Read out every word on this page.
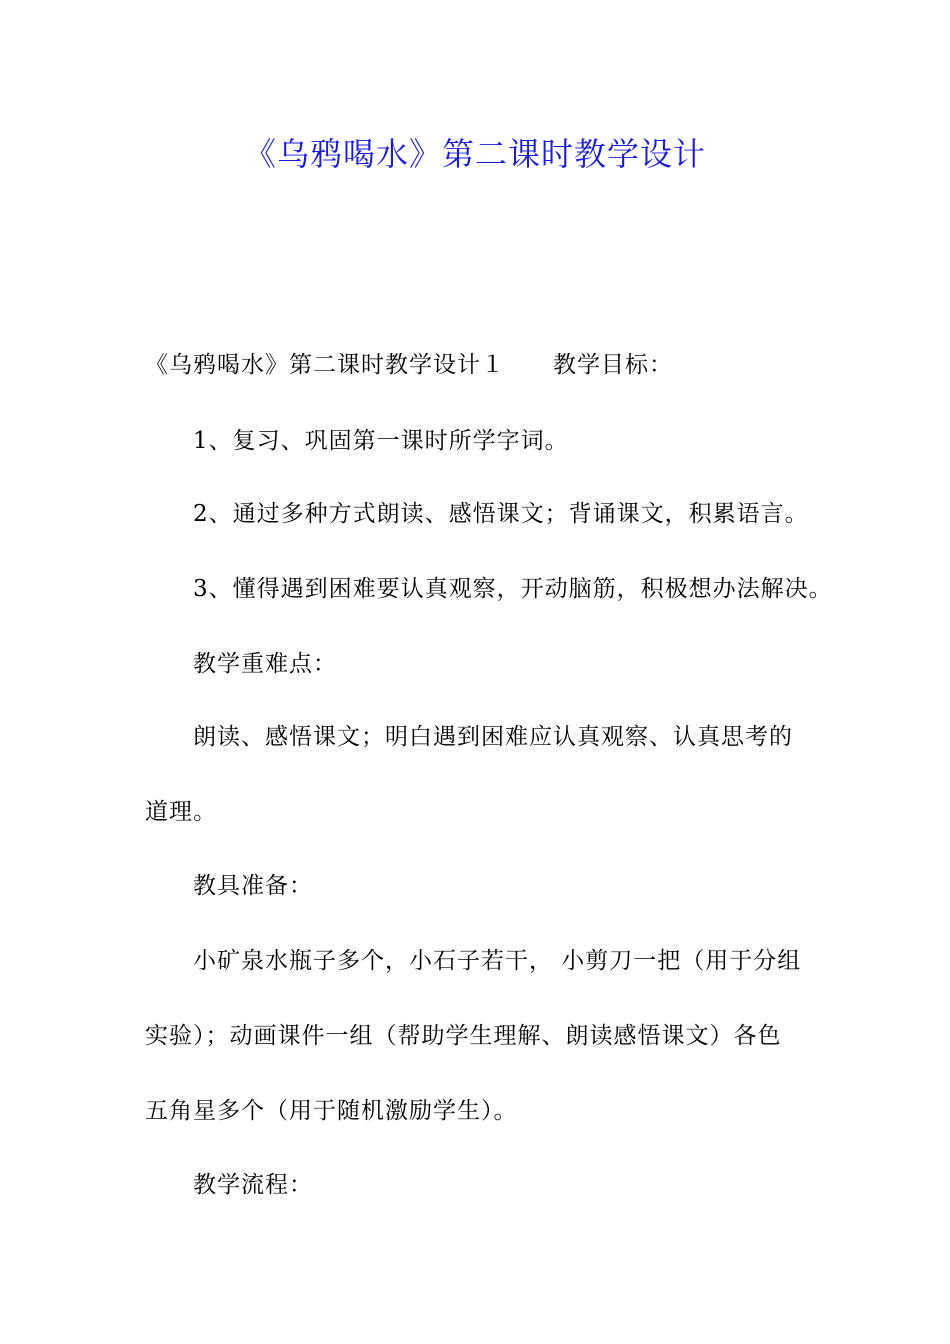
《乌鸦喝水》第二课时教学设计

《乌鸦喝水》第二课时教学设计１ 教学目标：

1、复习、巩固第一课时所学字词。

2、通过多种方式朗读、感悟课文；背诵课文，积累语言。

3、懂得遇到困难要认真观察，开动脑筋，积极想办法解决。

教学重难点：

朗读、感悟课文；明白遇到困难应认真观察、认真思考的

道理。

教具准备：

小矿泉水瓶子多个，小石子若干， 小剪刀一把（用于分组

实验）；动画课件一组（帮助学生理解、朗读感悟课文）各色

五角星多个（用于随机激励学生）。

教学流程：
